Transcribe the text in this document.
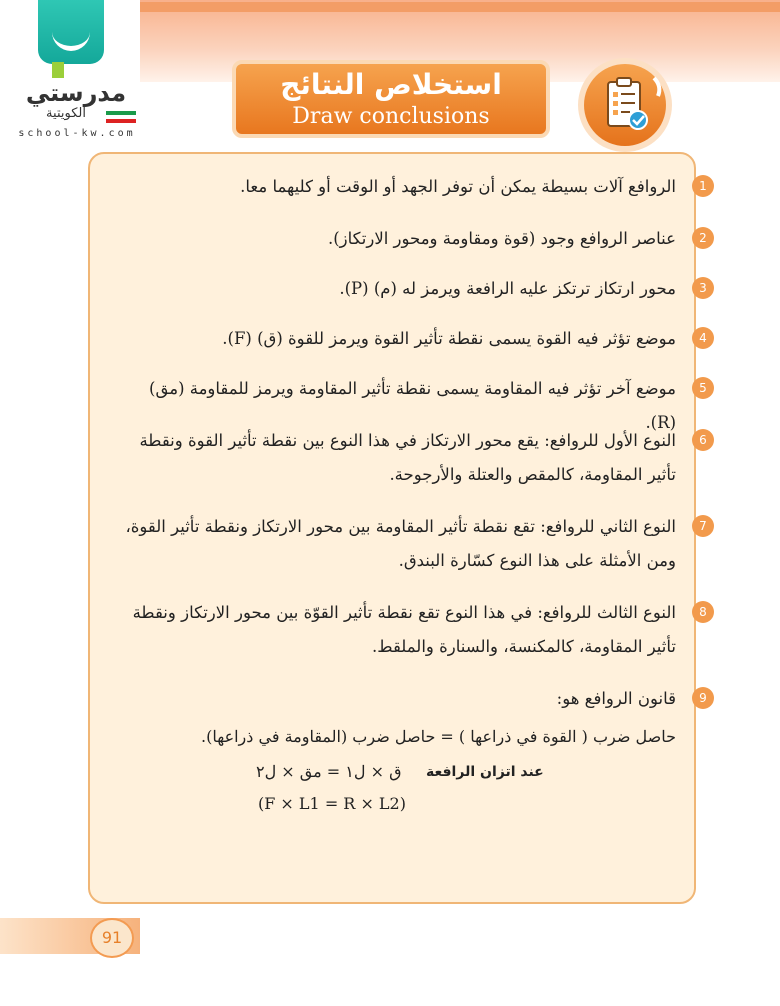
مدرستي
الكويتية
school-kw.com
استخلاص النتائج
Draw conclusions
1
الروافع آلات بسيطة يمكن أن توفر الجهد أو الوقت أو كليهما معا.
2
عناصر الروافع وجود (قوة ومقاومة ومحور الارتكاز).
3
محور ارتكاز ترتكز عليه الرافعة ويرمز له (م) (P).
4
موضع تؤثر فيه القوة يسمى نقطة تأثير القوة ويرمز للقوة (ق) (F).
5
موضع آخر تؤثر فيه المقاومة يسمى نقطة تأثير المقاومة ويرمز للمقاومة (مق) (R).
6
النوع الأول للروافع: يقع محور الارتكاز في هذا النوع بين نقطة تأثير القوة ونقطة تأثير المقاومة، كالمقص والعتلة والأرجوحة.
7
النوع الثاني للروافع: تقع نقطة تأثير المقاومة بين محور الارتكاز ونقطة تأثير القوة، ومن الأمثلة على هذا النوع كسّارة البندق.
8
النوع الثالث للروافع: في هذا النوع تقع نقطة تأثير القوّة بين محور الارتكاز ونقطة تأثير المقاومة، كالمكنسة، والسنارة والملقط.
9
قانون الروافع هو:
حاصل ضرب ( القوة في ذراعها ) = حاصل ضرب (المقاومة في ذراعها).
عند اتزان الرافعة
ق × ل١ = مق × ل٢
(F × L1 = R × L2)
91
